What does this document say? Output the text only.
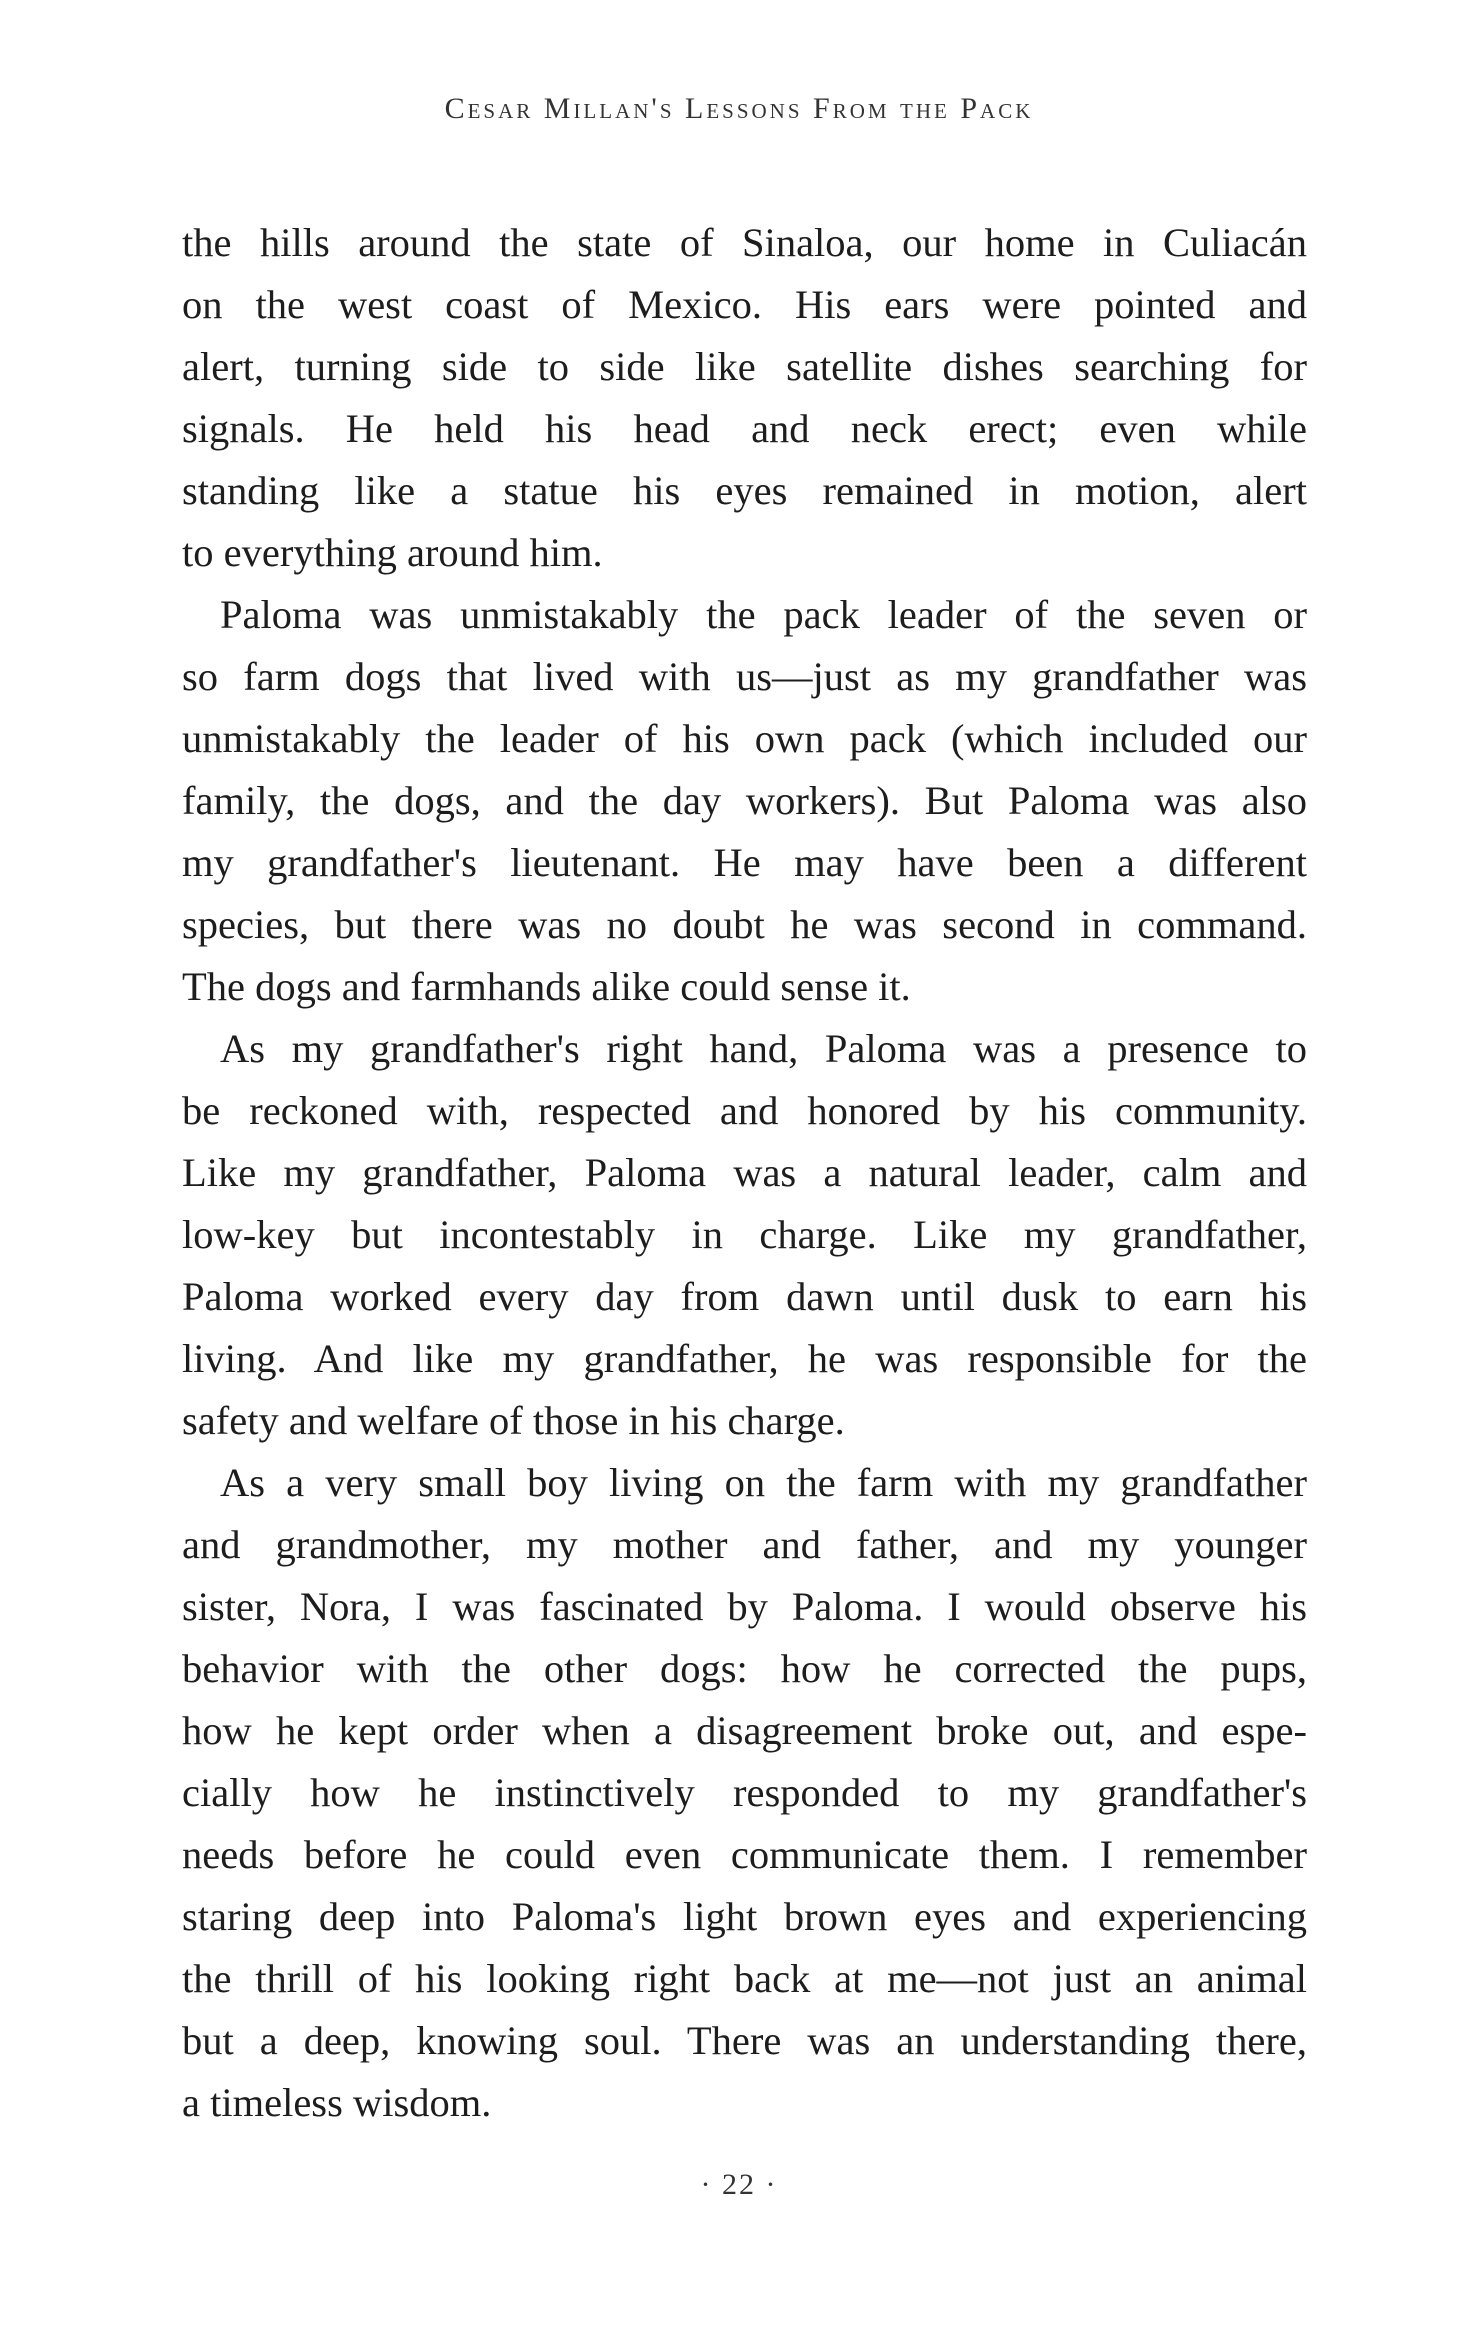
Cesar Millan's Lessons From the Pack
the hills around the state of Sinaloa, our home in Culiacán
on the west coast of Mexico. His ears were pointed and
alert, turning side to side like satellite dishes searching for
signals. He held his head and neck erect; even while
standing like a statue his eyes remained in motion, alert
to everything around him.
Paloma was unmistakably the pack leader of the seven or
so farm dogs that lived with us—just as my grandfather was
unmistakably the leader of his own pack (which included our
family, the dogs, and the day workers). But Paloma was also
my grandfather's lieutenant. He may have been a different
species, but there was no doubt he was second in command.
The dogs and farmhands alike could sense it.
As my grandfather's right hand, Paloma was a presence to
be reckoned with, respected and honored by his community.
Like my grandfather, Paloma was a natural leader, calm and
low-key but incontestably in charge. Like my grandfather,
Paloma worked every day from dawn until dusk to earn his
living. And like my grandfather, he was responsible for the
safety and welfare of those in his charge.
As a very small boy living on the farm with my grandfather
and grandmother, my mother and father, and my younger
sister, Nora, I was fascinated by Paloma. I would observe his
behavior with the other dogs: how he corrected the pups,
how he kept order when a disagreement broke out, and espe-
cially how he instinctively responded to my grandfather's
needs before he could even communicate them. I remember
staring deep into Paloma's light brown eyes and experiencing
the thrill of his looking right back at me—not just an animal
but a deep, knowing soul. There was an understanding there,
a timeless wisdom.
· 22 ·
